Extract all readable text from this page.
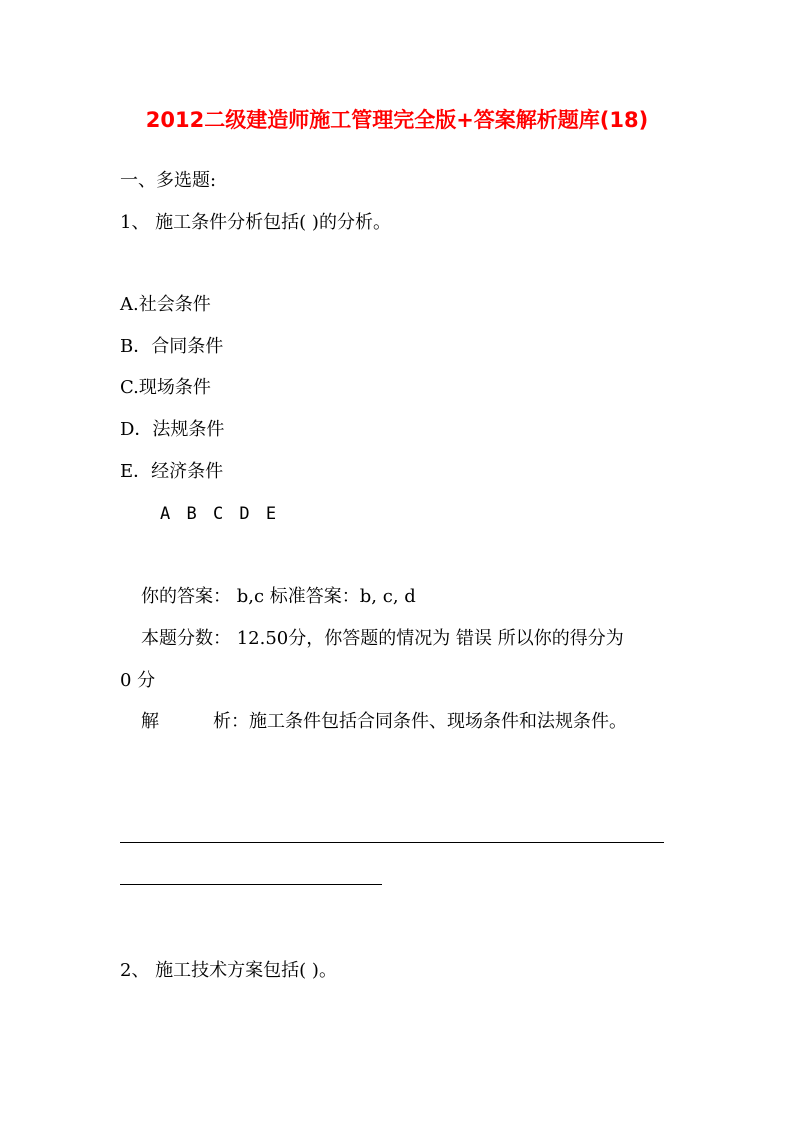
2012二级建造师施工管理完全版+答案解析题库(18)
一、多选题:
1、 施工条件分析包括( )的分析。
A.社会条件
B．合同条件
C.现场条件
D．法规条件
E．经济条件
A B C D E
你的答案： b,c 标准答案：b, c, d
本题分数： 12.50分，你答题的情况为 错误 所以你的得分为
0 分
解	析：施工条件包括合同条件、现场条件和法规条件。
2、 施工技术方案包括( )。
